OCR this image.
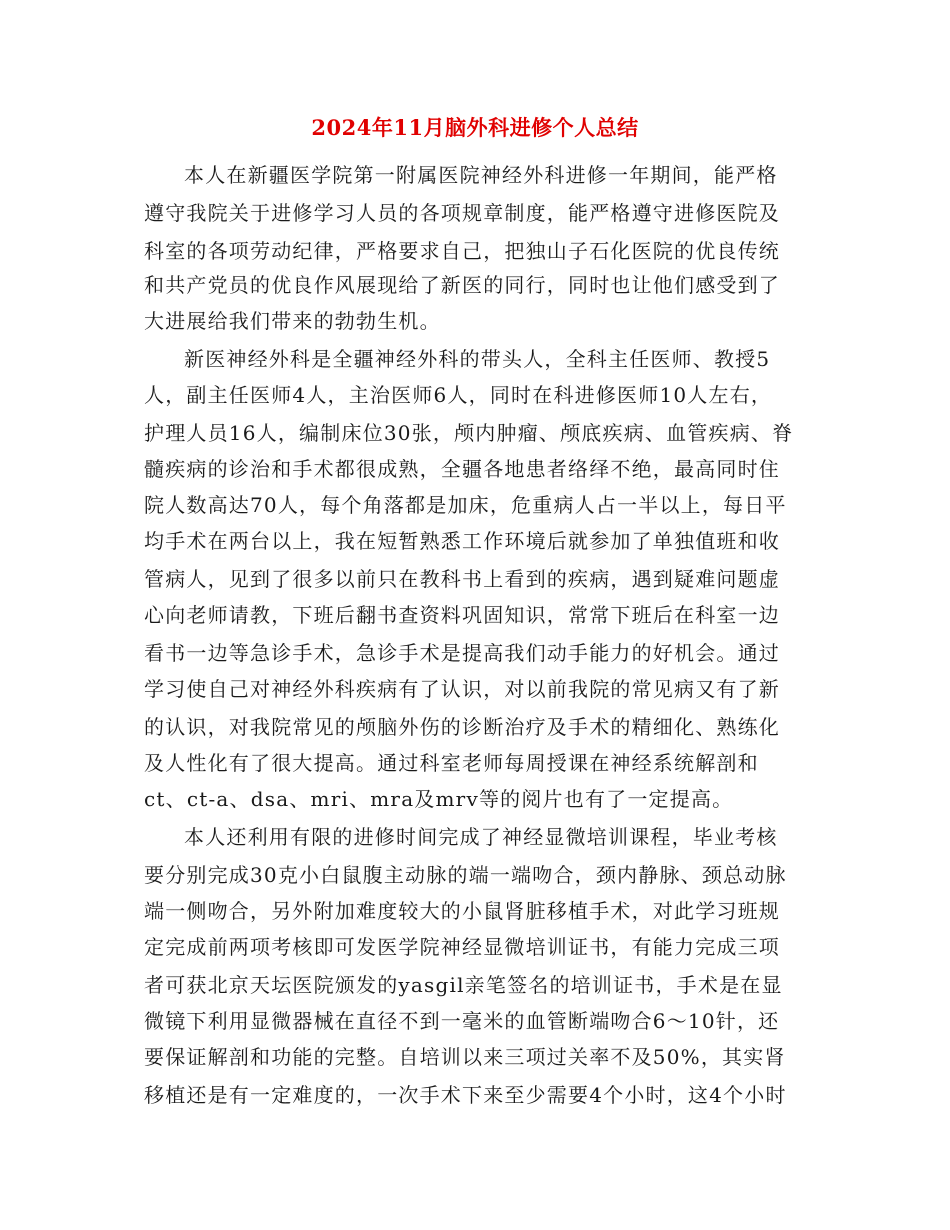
2024年11月脑外科进修个人总结
本人在新疆医学院第一附属医院神经外科进修一年期间，能严格
遵守我院关于进修学习人员的各项规章制度，能严格遵守进修医院及
科室的各项劳动纪律，严格要求自己，把独山子石化医院的优良传统
和共产党员的优良作风展现给了新医的同行，同时也让他们感受到了
大进展给我们带来的勃勃生机。
新医神经外科是全疆神经外科的带头人，全科主任医师、教授5
人，副主任医师4人，主治医师6人，同时在科进修医师10人左右，
护理人员16人，编制床位30张，颅内肿瘤、颅底疾病、血管疾病、脊
髓疾病的诊治和手术都很成熟，全疆各地患者络绎不绝，最高同时住
院人数高达70人，每个角落都是加床，危重病人占一半以上，每日平
均手术在两台以上，我在短暂熟悉工作环境后就参加了单独值班和收
管病人，见到了很多以前只在教科书上看到的疾病，遇到疑难问题虚
心向老师请教，下班后翻书查资料巩固知识，常常下班后在科室一边
看书一边等急诊手术，急诊手术是提高我们动手能力的好机会。通过
学习使自己对神经外科疾病有了认识，对以前我院的常见病又有了新
的认识，对我院常见的颅脑外伤的诊断治疗及手术的精细化、熟练化
及人性化有了很大提高。通过科室老师每周授课在神经系统解剖和
ct、ct-a、dsa、mri、mra及mrv等的阅片也有了一定提高。
本人还利用有限的进修时间完成了神经显微培训课程，毕业考核
要分别完成30克小白鼠腹主动脉的端一端吻合，颈内静脉、颈总动脉
端一侧吻合，另外附加难度较大的小鼠肾脏移植手术，对此学习班规
定完成前两项考核即可发医学院神经显微培训证书，有能力完成三项
者可获北京天坛医院颁发的yasgil亲笔签名的培训证书，手术是在显
微镜下利用显微器械在直径不到一毫米的血管断端吻合6～10针，还
要保证解剖和功能的完整。自培训以来三项过关率不及50%，其实肾
移植还是有一定难度的，一次手术下来至少需要4个小时，这4个小时
